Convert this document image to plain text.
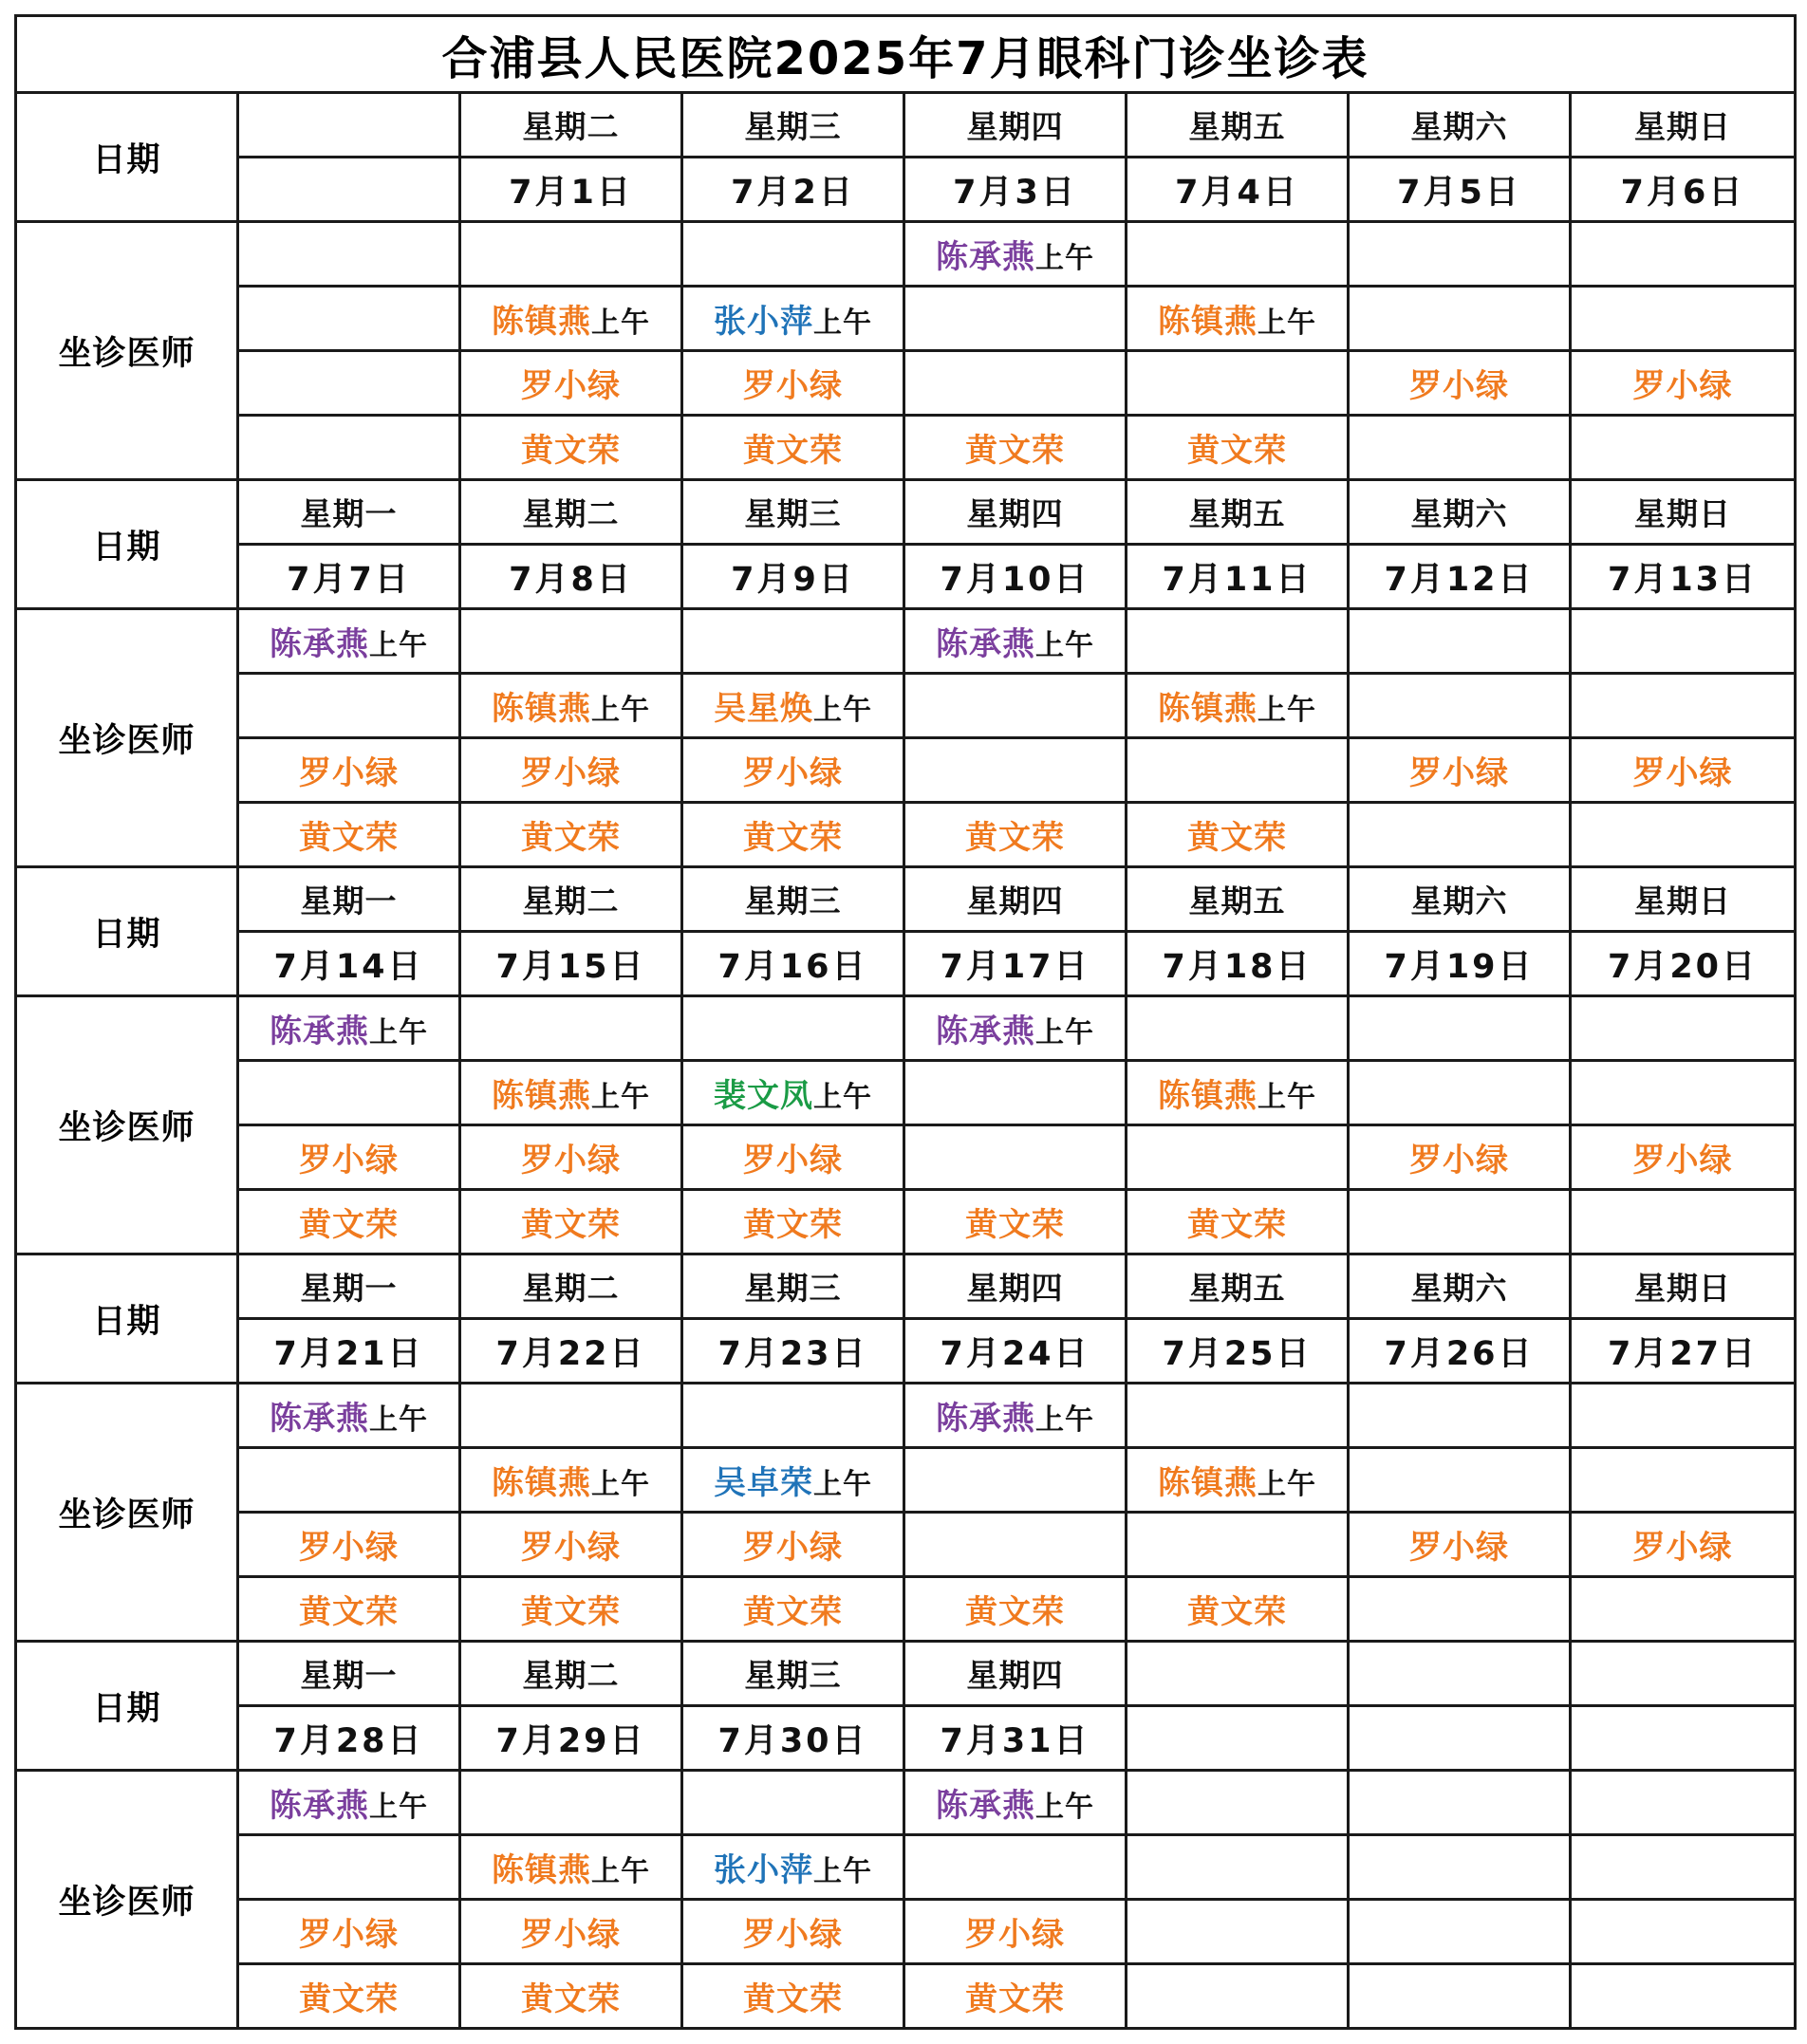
合浦县人民医院2025年7月眼科门诊坐诊表							
日期		星期二	星期三	星期四	星期五	星期六	星期日
		7月1日	7月2日	7月3日	7月4日	7月5日	7月6日
坐诊医师				陈承燕上午			
		陈镇燕上午	张小萍上午		陈镇燕上午		
		罗小绿	罗小绿			罗小绿	罗小绿
		黄文荣	黄文荣	黄文荣	黄文荣		
日期	星期一	星期二	星期三	星期四	星期五	星期六	星期日
	7月7日	7月8日	7月9日	7月10日	7月11日	7月12日	7月13日
坐诊医师	陈承燕上午			陈承燕上午			
		陈镇燕上午	吴星焕上午		陈镇燕上午		
	罗小绿	罗小绿	罗小绿			罗小绿	罗小绿
	黄文荣	黄文荣	黄文荣	黄文荣	黄文荣		
日期	星期一	星期二	星期三	星期四	星期五	星期六	星期日
	7月14日	7月15日	7月16日	7月17日	7月18日	7月19日	7月20日
坐诊医师	陈承燕上午			陈承燕上午			
		陈镇燕上午	裴文凤上午		陈镇燕上午		
	罗小绿	罗小绿	罗小绿			罗小绿	罗小绿
	黄文荣	黄文荣	黄文荣	黄文荣	黄文荣		
日期	星期一	星期二	星期三	星期四	星期五	星期六	星期日
	7月21日	7月22日	7月23日	7月24日	7月25日	7月26日	7月27日
坐诊医师	陈承燕上午			陈承燕上午			
		陈镇燕上午	吴卓荣上午		陈镇燕上午		
	罗小绿	罗小绿	罗小绿			罗小绿	罗小绿
	黄文荣	黄文荣	黄文荣	黄文荣	黄文荣		
日期	星期一	星期二	星期三	星期四			
	7月28日	7月29日	7月30日	7月31日			
坐诊医师	陈承燕上午			陈承燕上午			
		陈镇燕上午	张小萍上午				
	罗小绿	罗小绿	罗小绿	罗小绿			
	黄文荣	黄文荣	黄文荣	黄文荣			
